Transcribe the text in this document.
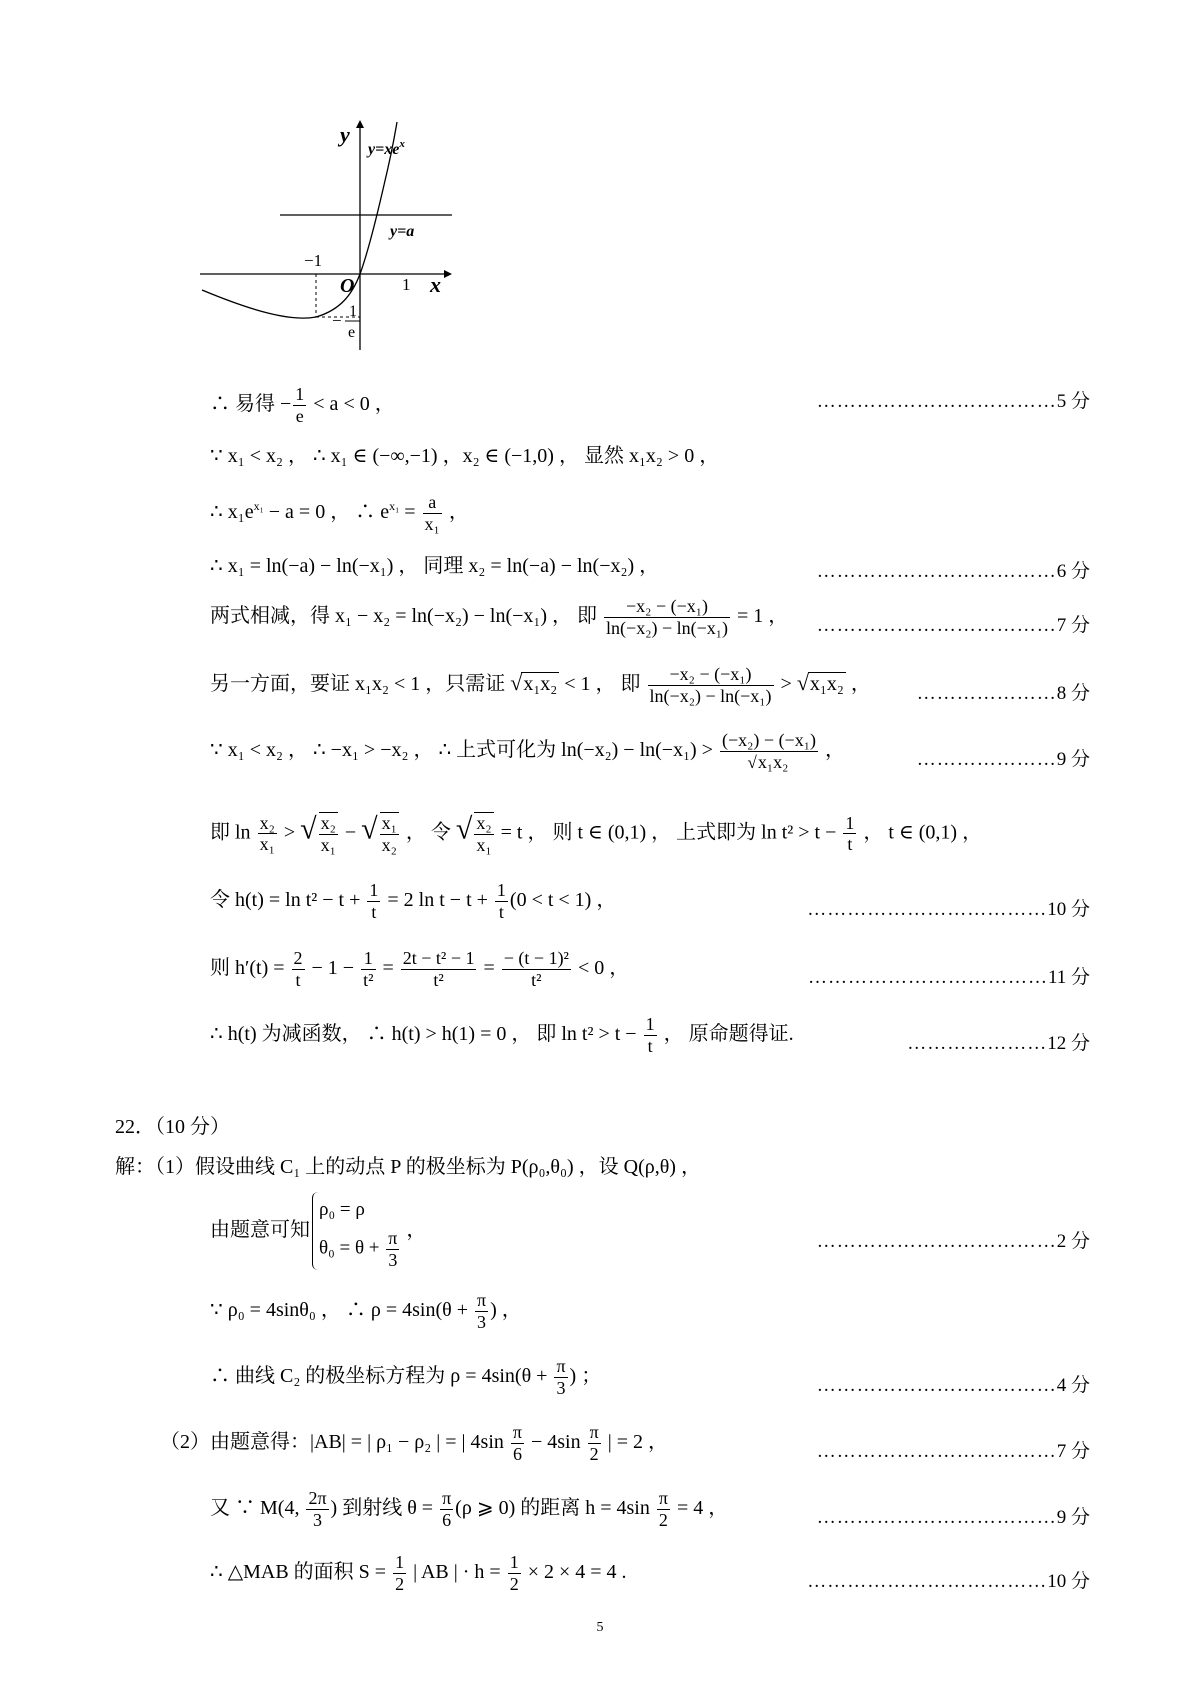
y
x
O
−1
1
$y=xe^x$
y=a
− 1
e
∴ 易得 − $\frac{1}{e} < a < 0$ ，	………………………………5 分
∵ x₁ < x₂ ， ∴ x₁ ∈ (−∞,−1) ，x₂ ∈ (−1,0) ， 显然 x₁x₂ > 0 ，
∴ $x_1e^{x_1} - a = 0$ ， ∴ $e^{x_1} = \frac{a}{\text{x₁}}$ ，
∴ x₁ = ln(−a) − ln(−x₁) ， 同理 x₂ = ln(−a) − ln(−x₂) ，	………………………………6 分
两式相减，得 x₁ − x₂ = ln(−x₂) − ln(−x₁) ， 即 $\frac{\text{−x₂ − (−x₁)}}{\text{ln(−x₂) − ln(−x₁)}} = 1$ ， ………………………………7 分
另一方面，要证 x₁x₂ < 1 ，只需证 √x₁x₂ < 1 ， 即 $\frac{\text{−x₂ − (−x₁)}}{\text{ln(−x₂) − ln(−x₁)}} > √x_1x_2$ ， …………………8 分
∵ x₁ < x₂ ， ∴ −x₁ > −x₂ ， ∴ 上式可化为 $\ln(-x_2) - \ln(-x_1) > \frac{\text{(−x₂) − (−x₁)}}{\text{√x₁x₂}}$ ，	…………………9 分
即 $\ln \frac{\text{x₂}}{\text{x₁}}$ > √ $\frac{\text{x₂}}{\text{x₁}}$ − √ $\frac{\text{x₁}}{\text{x₂}}$ ， 令 √ $\frac{\text{x₂}}{\text{x₁}} = t$ ， 则 t ∈ (0,1) ， 上式即为 $\ln t^2 > t - \frac{1}{t}$ ， t ∈ (0,1) ，
令 $h(t) = \ln t^2 - t + \frac{1}{t} = 2$ $\ln t - t + \frac{1}{t} (0 < t < 1)$ ，	………………………………10 分
则 $h'(t) = \frac{2}{t} - 1 - \frac{1}{\text{t²}} = \frac{\text{2t − t² − 1}}{\text{t²}} = \frac{\text{− (t − 1)²}}{\text{t²}} < 0$ ，	………………………………11 分
∴ h(t) 为减函数， ∴ h(t) > h(1) = 0 ， 即 $\ln t^2 > t - \frac{1}{t}$ ， 原命题得证.	…………………12 分
22．（10 分）
解：（1）假设曲线 C₁ 上的动点 P 的极坐标为 P(ρ₀,θ₀) ，设 Q(ρ,θ) ，
由题意可知
ρ₀ = ρ
$\theta_0 = \theta + \frac{\pi}{3}$ ，
………………………………2 分
∵ ρ₀ = 4sinθ₀ ， ∴ $\rho = 4\sin(\theta + \frac{\pi}{3}$ ) ，
∴ 曲线 C₂ 的极坐标方程为 $\rho = 4\sin(\theta + \frac{\pi}{3}$ ) ；	………………………………4 分
（2）由题意得：|AB| = | ρ₁ − ρ₂ | = | $4\sin \frac{\pi}{6} - 4\sin \frac{\pi}{2}$ | = 2 ，	………………………………7 分
又 ∵ M(4, $\frac{2\pi}{3}$ ) 到射线 $\theta = \frac{\pi}{6} (\rho$ ⩾ 0) 的距离 $h = 4\sin \frac{\pi}{2} = 4$ ，	………………………………9 分
∴ △MAB 的面积 $S = \frac{1}{2}$ | AB | · $h = \frac{1}{2} \times 2 \times 4 = 4$ .	………………………………10 分
5
